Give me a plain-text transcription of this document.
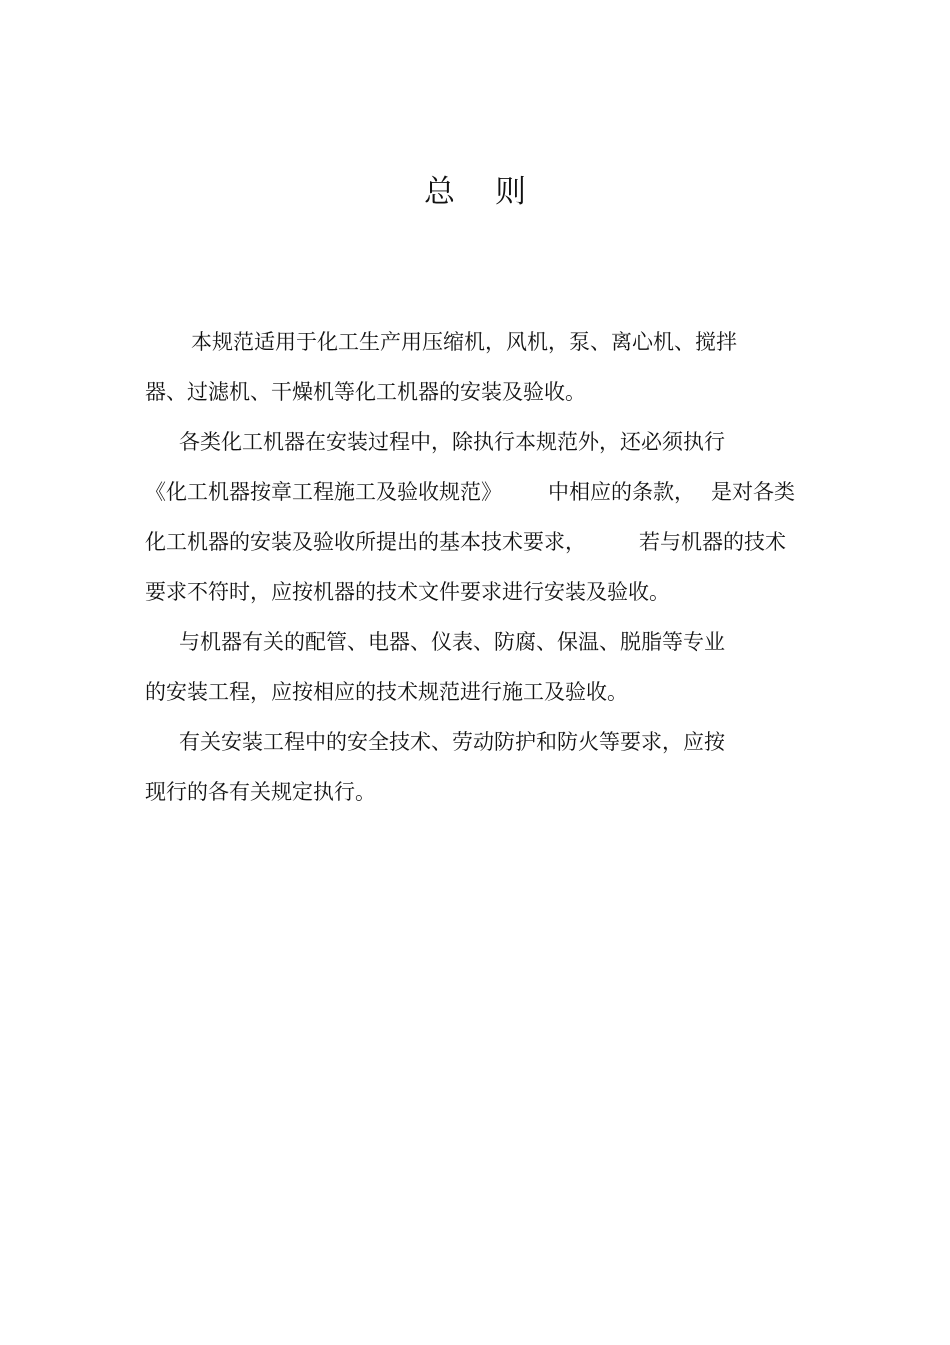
总 则
本规范适用于化工生产用压缩机，风机，泵、离心机、搅拌
器、过滤机、干燥机等化工机器的安装及验收。
各类化工机器在安装过程中，除执行本规范外，还必须执行
《化工机器按章工程施工及验收规范》 中相应的条款， 是对各类
化工机器的安装及验收所提出的基本技术要求，	若与机器的技术
要求不符时，应按机器的技术文件要求进行安装及验收。
与机器有关的配管、电器、仪表、防腐、保温、脱脂等专业
的安装工程，应按相应的技术规范进行施工及验收。
有关安装工程中的安全技术、劳动防护和防火等要求，应按
现行的各有关规定执行。
